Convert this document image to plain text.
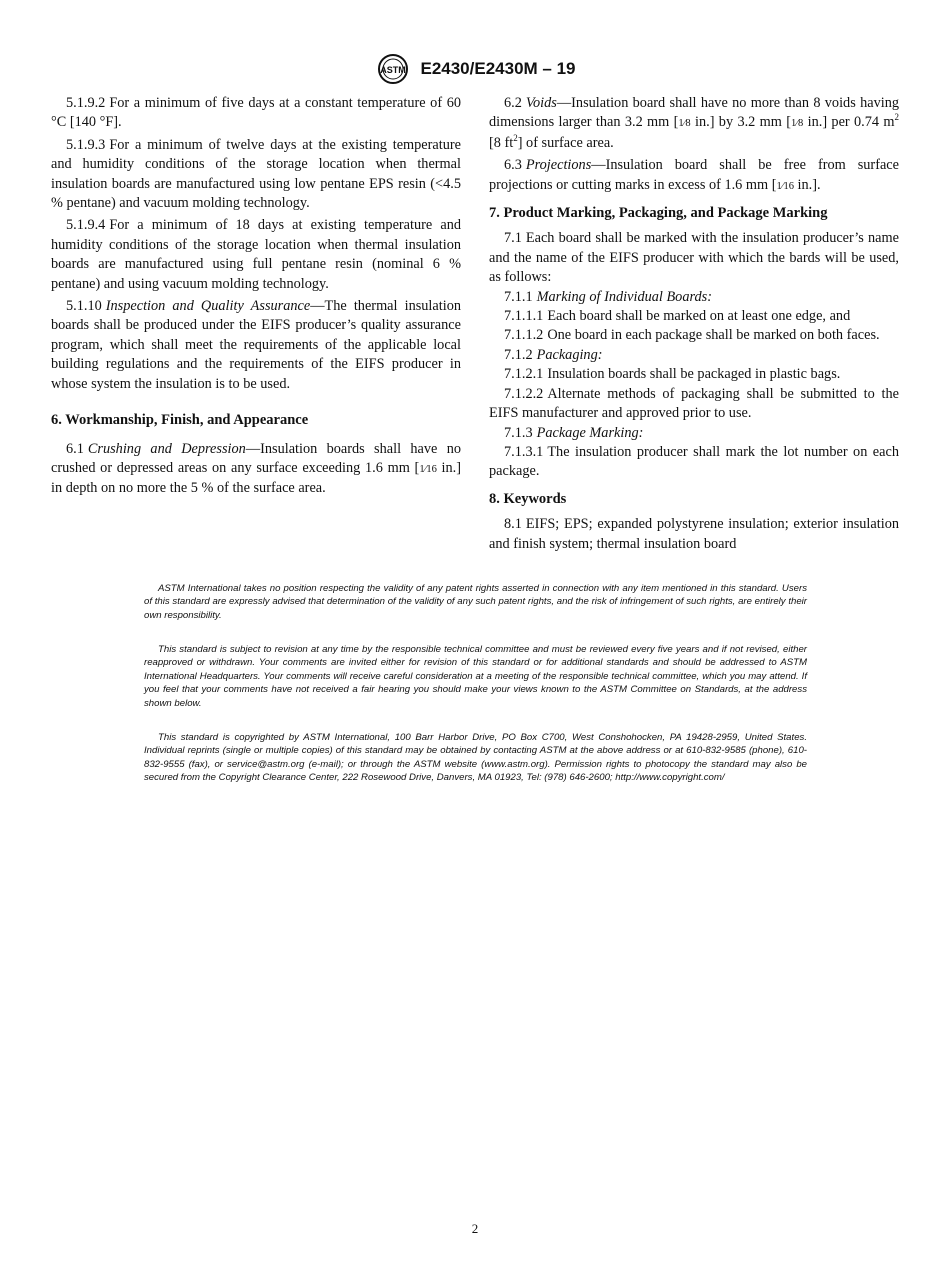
ASTM E2430/E2430M – 19

5.1.9.2 For a minimum of five days at a constant temperature of 60 °C [140 °F].

5.1.9.3 For a minimum of twelve days at the existing temperature and humidity conditions of the storage location when thermal insulation boards are manufactured using low pentane EPS resin (<4.5 % pentane) and vacuum molding technology.

5.1.9.4 For a minimum of 18 days at existing temperature and humidity conditions of the storage location when thermal insulation boards are manufactured using full pentane resin (nominal 6 % pentane) and using vacuum molding technology.

5.1.10 Inspection and Quality Assurance—The thermal insulation boards shall be produced under the EIFS producer’s quality assurance program, which shall meet the requirements of the applicable local building regulations and the requirements of the EIFS producer in whose system the insulation is to be used.

6. Workmanship, Finish, and Appearance

6.1 Crushing and Depression—Insulation boards shall have no crushed or depressed areas on any surface exceeding 1.6 mm [1⁄16 in.] in depth on no more the 5 % of the surface area.

6.2 Voids—Insulation board shall have no more than 8 voids having dimensions larger than 3.2 mm [1⁄8 in.] by 3.2 mm [1⁄8 in.] per 0.74 $m^2$ [8 $ft^2$] of surface area.

6.3 Projections—Insulation board shall be free from surface projections or cutting marks in excess of 1.6 mm [1⁄16 in.].

7. Product Marking, Packaging, and Package Marking

7.1 Each board shall be marked with the insulation producer’s name and the name of the EIFS producer with which the bards will be used, as follows:

7.1.1 Marking of Individual Boards:

7.1.1.1 Each board shall be marked on at least one edge, and

7.1.1.2 One board in each package shall be marked on both faces.

7.1.2 Packaging:

7.1.2.1 Insulation boards shall be packaged in plastic bags.

7.1.2.2 Alternate methods of packaging shall be submitted to the EIFS manufacturer and approved prior to use.

7.1.3 Package Marking:

7.1.3.1 The insulation producer shall mark the lot number on each package.

8. Keywords

8.1 EIFS; EPS; expanded polystyrene insulation; exterior insulation and finish system; thermal insulation board

ASTM International takes no position respecting the validity of any patent rights asserted in connection with any item mentioned in this standard. Users of this standard are expressly advised that determination of the validity of any such patent rights, and the risk of infringement of such rights, are entirely their own responsibility.

This standard is subject to revision at any time by the responsible technical committee and must be reviewed every five years and if not revised, either reapproved or withdrawn. Your comments are invited either for revision of this standard or for additional standards and should be addressed to ASTM International Headquarters. Your comments will receive careful consideration at a meeting of the responsible technical committee, which you may attend. If you feel that your comments have not received a fair hearing you should make your views known to the ASTM Committee on Standards, at the address shown below.

This standard is copyrighted by ASTM International, 100 Barr Harbor Drive, PO Box C700, West Conshohocken, PA 19428-2959, United States. Individual reprints (single or multiple copies) of this standard may be obtained by contacting ASTM at the above address or at 610-832-9585 (phone), 610-832-9555 (fax), or service@astm.org (e-mail); or through the ASTM website (www.astm.org). Permission rights to photocopy the standard may also be secured from the Copyright Clearance Center, 222 Rosewood Drive, Danvers, MA 01923, Tel: (978) 646-2600; http://www.copyright.com/

2
